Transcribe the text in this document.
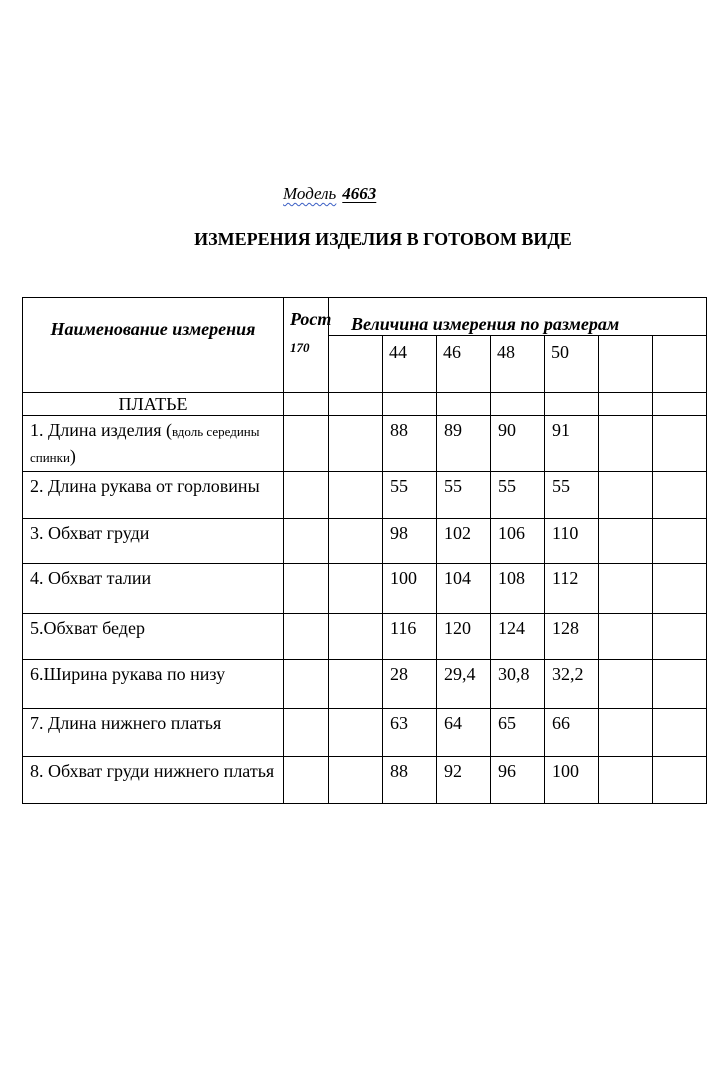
Модель 4663
ИЗМЕРЕНИЯ ИЗДЕЛИЯ В ГОТОВОМ ВИДЕ
Наименование измерения	Рост
170	Величина измерения по размерам						
			44	46	48	50		
ПЛАТЬЕ								
1. Длина изделия (вдоль середины спинки)			88	89	90	91		
2. Длина рукава от горловины			55	55	55	55		
3. Обхват груди			98	102	106	110		
4. Обхват талии			100	104	108	112		
5.Обхват бедер			116	120	124	128		
6.Ширина рукава по низу			28	29,4	30,8	32,2		
7. Длина нижнего платья			63	64	65	66		
8. Обхват груди нижнего платья			88	92	96	100		
